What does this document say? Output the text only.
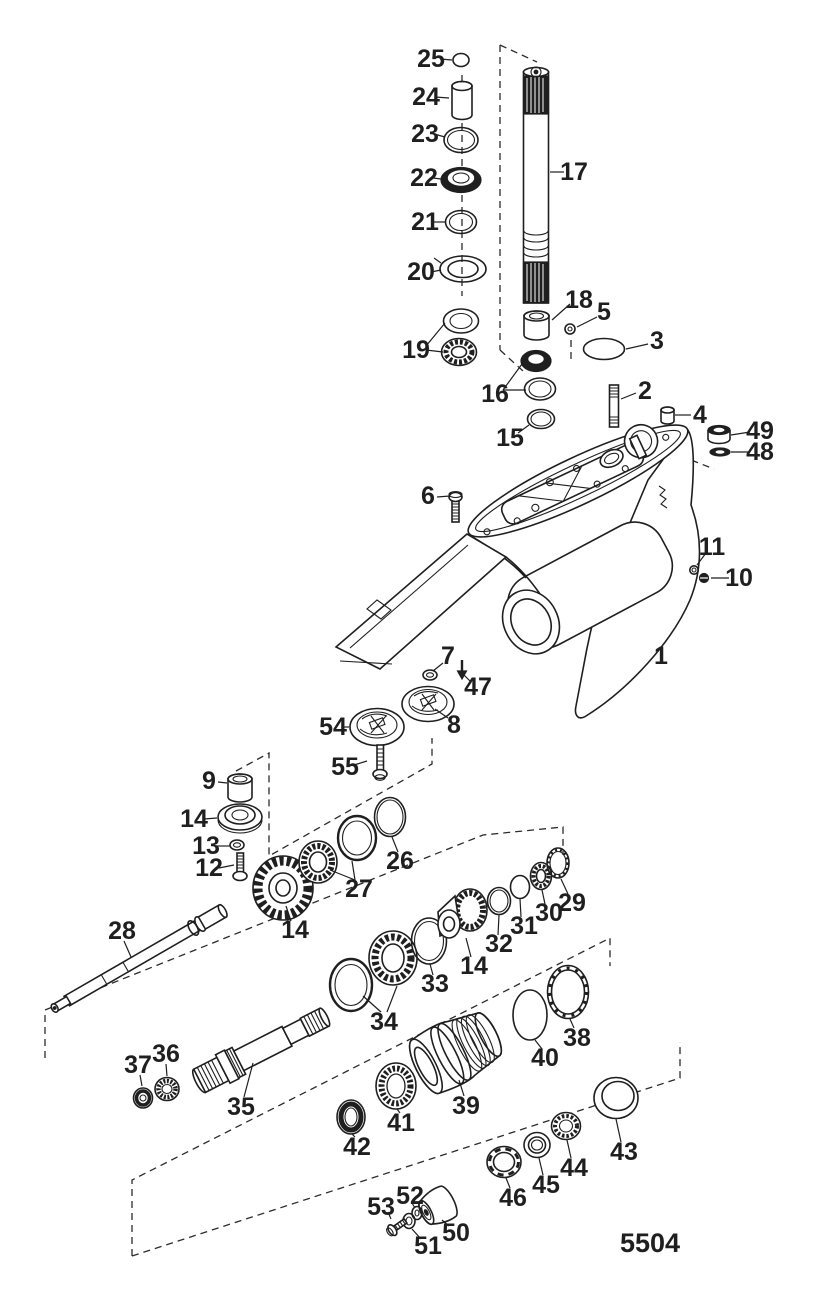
1
2
3
4
5
6
7
8
9
10
11
12
13
14
14
14
15
16
17
18
19
20
21
22
23
24
25
26
27
28
29
30
31
32
33
34
35
36
37
38
39
40
41
42	43
44
45
46
47
48
49
50
51
52
53
54
55
5504
